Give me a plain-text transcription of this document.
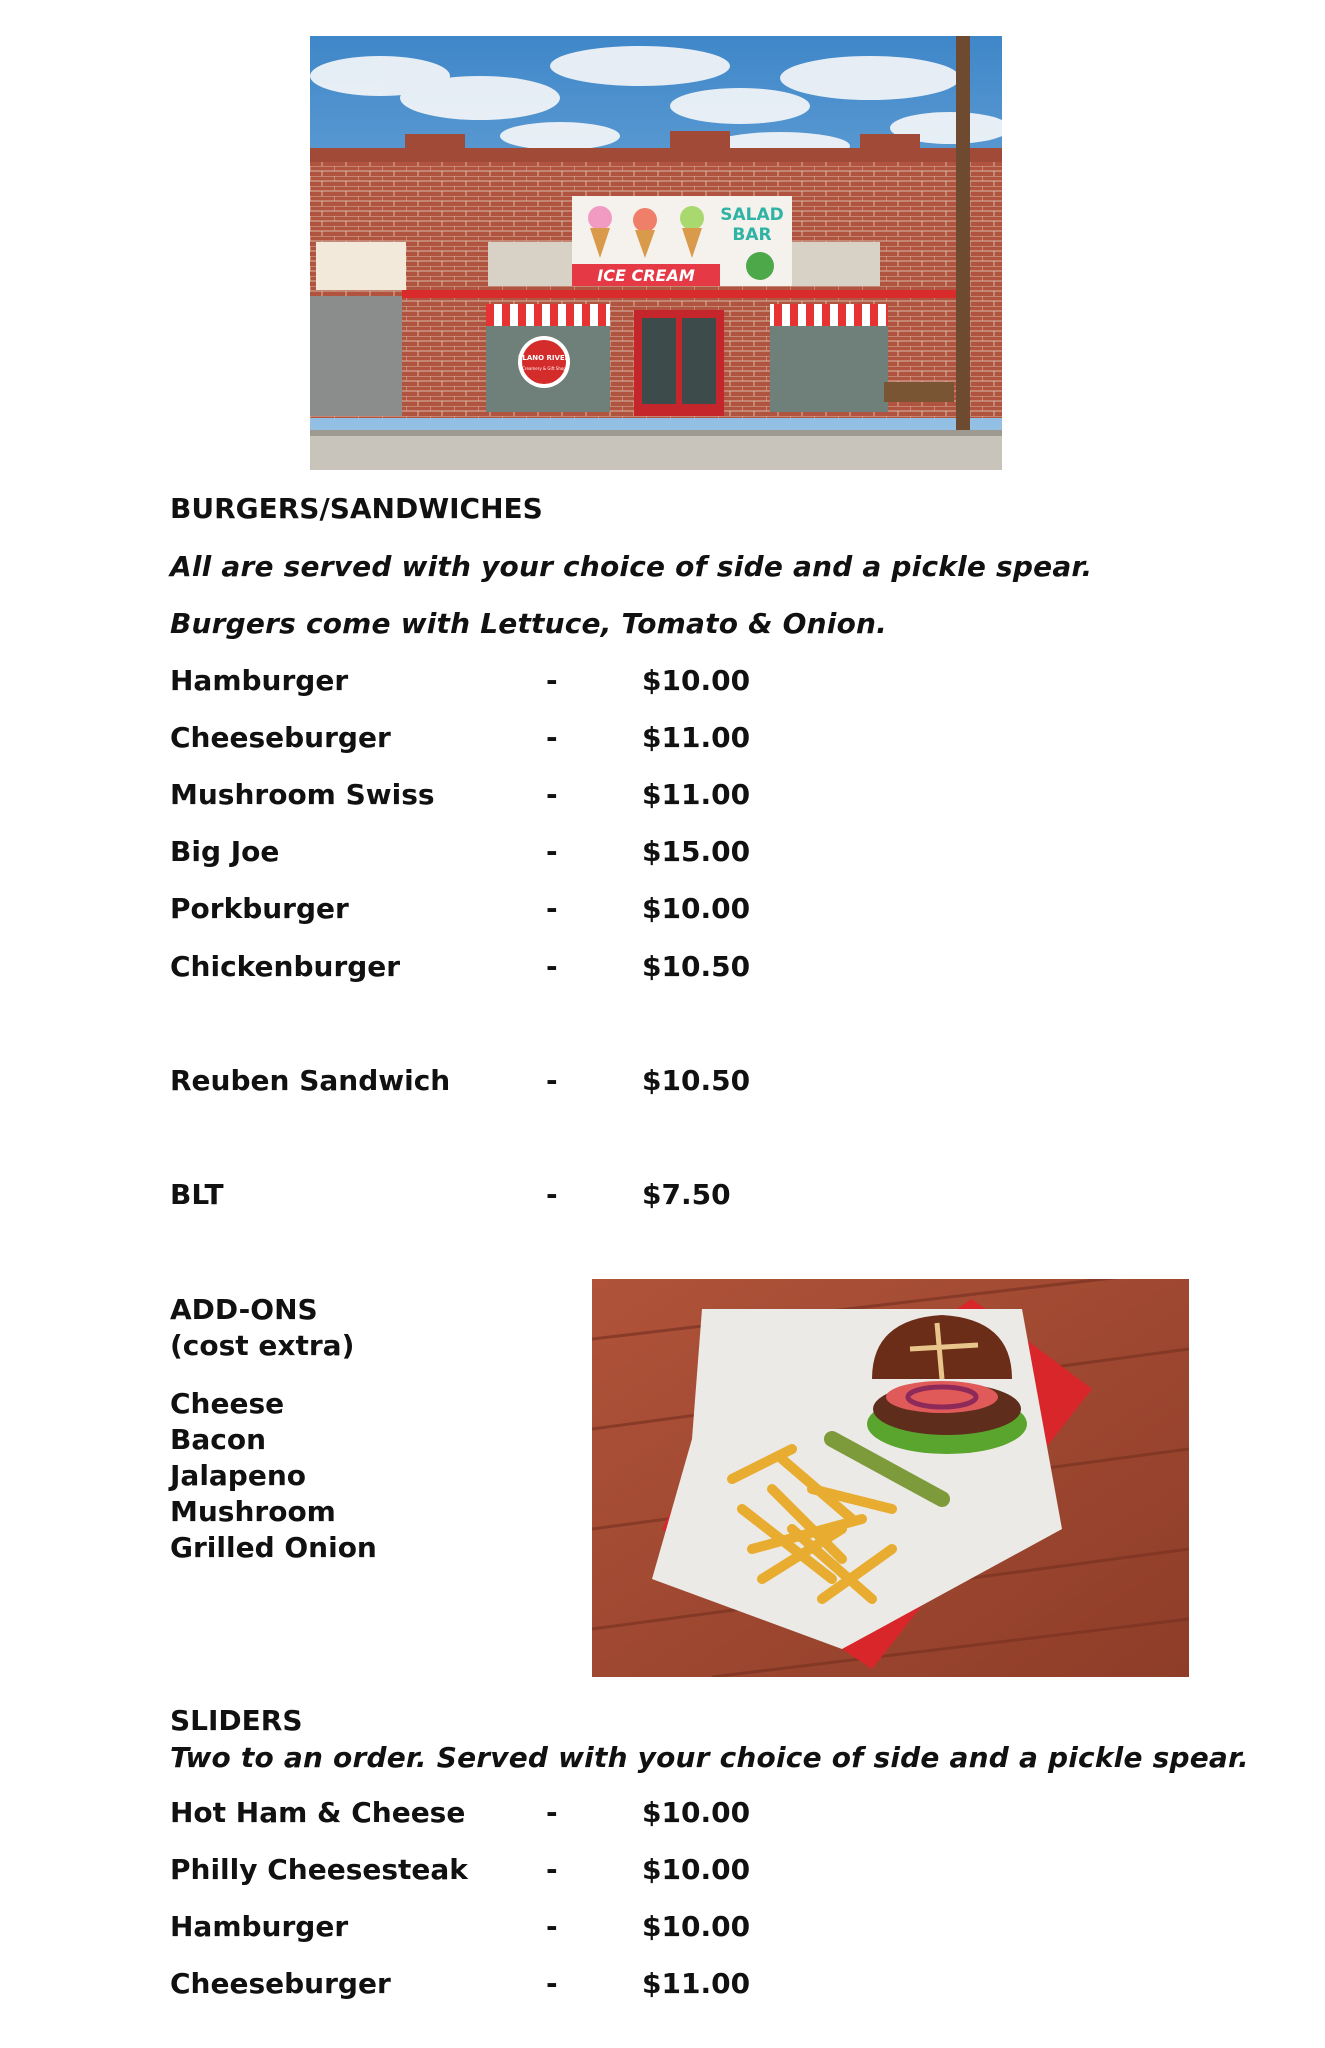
ICE CREAM
SALAD
BAR
LLANO RIVER
Creamery & Gift Shop
BURGERS/SANDWICHES
All are served with your choice of side and a pickle spear.
Burgers come with Lettuce, Tomato & Onion.
Hamburger	-	$10.00
Cheeseburger	-	$11.00
Mushroom Swiss	-	$11.00
Big Joe	-	$15.00
Porkburger	-	$10.00
Chickenburger	-	$10.50
Reuben Sandwich	-	$10.50
BLT	-	$7.50
ADD-ONS
(cost extra)
Cheese
Bacon
Jalapeno
Mushroom
Grilled Onion
SLIDERS
Two to an order. Served with your choice of side and a pickle spear.
Hot Ham & Cheese	-	$10.00
Philly Cheesesteak	-	$10.00
Hamburger	-	$10.00
Cheeseburger	-	$11.00
